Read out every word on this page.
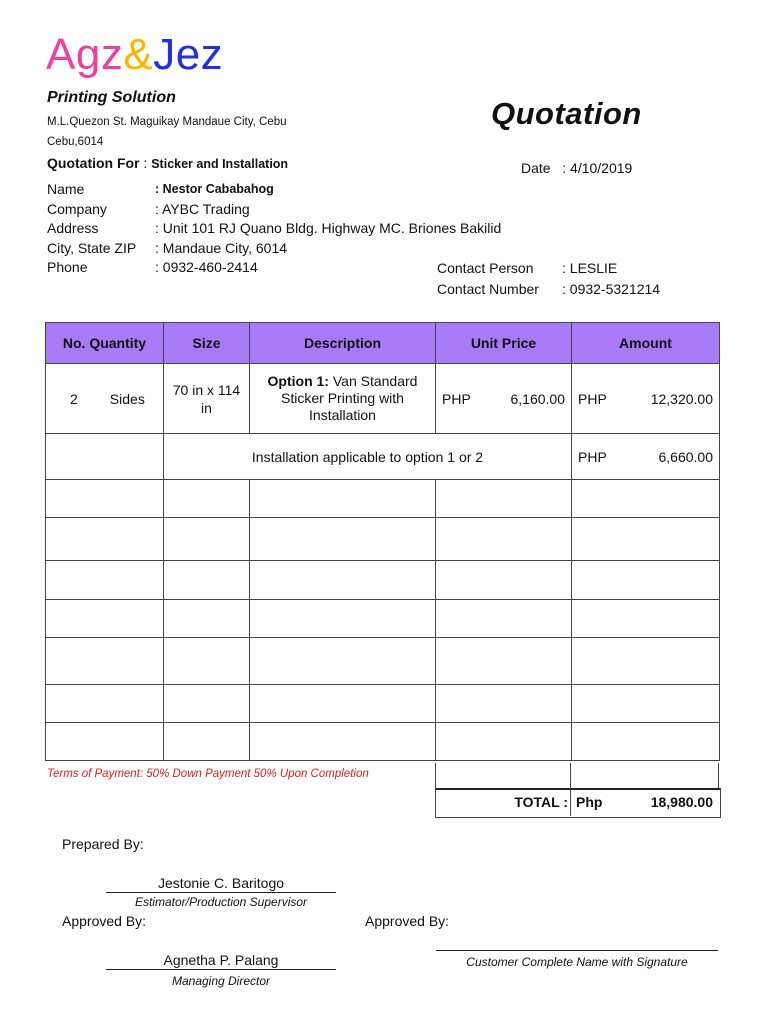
Agz&Jez
Printing Solution
M.L.Quezon St. Maguikay Mandaue City, Cebu
Cebu,6014
Quotation
Quotation For : Sticker and Installation	Date : 4/10/2019
Name	: Nestor Cababahog
Company	: AYBC Trading
Address	: Unit 101 RJ Quano Bldg. Highway MC. Briones Bakilid
City, State ZIP	: Mandaue City, 6014
Phone	: 0932-460-2414	Contact Person	: LESLIE
Contact Number	: 0932-5321214
No. Quantity	Size	Description	Unit Price	Amount

2 Sides	70 in x 114 in	Option 1: Van Standard Sticker Printing with Installation	PHP 6,160.00	PHP 12,320.00

	Installation applicable to option 1 or 2			PHP 6,660.00

Terms of Payment: 50% Down Payment 50% Upon Completion
TOTAL : Php	18,980.00
Prepared By:
Jestonie C. Baritogo
Estimator/Production Supervisor
Approved By:
Agnetha P. Palang
Managing Director
Approved By:
Customer Complete Name with Signature
